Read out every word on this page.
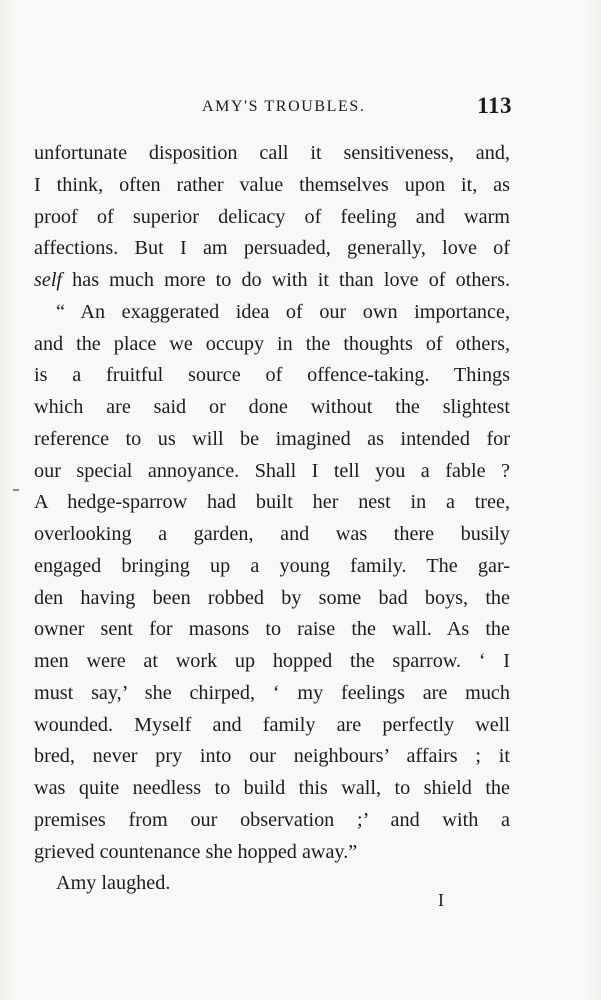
AMY'S TROUBLES.	113
unfortunate disposition call it sensitiveness, and,
I think, often rather value themselves upon it, as
proof of superior delicacy of feeling and warm
affections. But I am persuaded, generally, love of
self has much more to do with it than love of others.
“ An exaggerated idea of our own importance,
and the place we occupy in the thoughts of others,
is a fruitful source of offence-taking. Things
which are said or done without the slightest
reference to us will be imagined as intended for
our special annoyance. Shall I tell you a fable ?
A hedge-sparrow had built her nest in a tree,
overlooking a garden, and was there busily
engaged bringing up a young family. The gar-
den having been robbed by some bad boys, the
owner sent for masons to raise the wall. As the
men were at work up hopped the sparrow. ‘ I
must say,’ she chirped, ‘ my feelings are much
wounded. Myself and family are perfectly well
bred, never pry into our neighbours’ affairs ; it
was quite needless to build this wall, to shield the
premises from our observation ;’ and with a
grieved countenance she hopped away.”
Amy laughed.
I
